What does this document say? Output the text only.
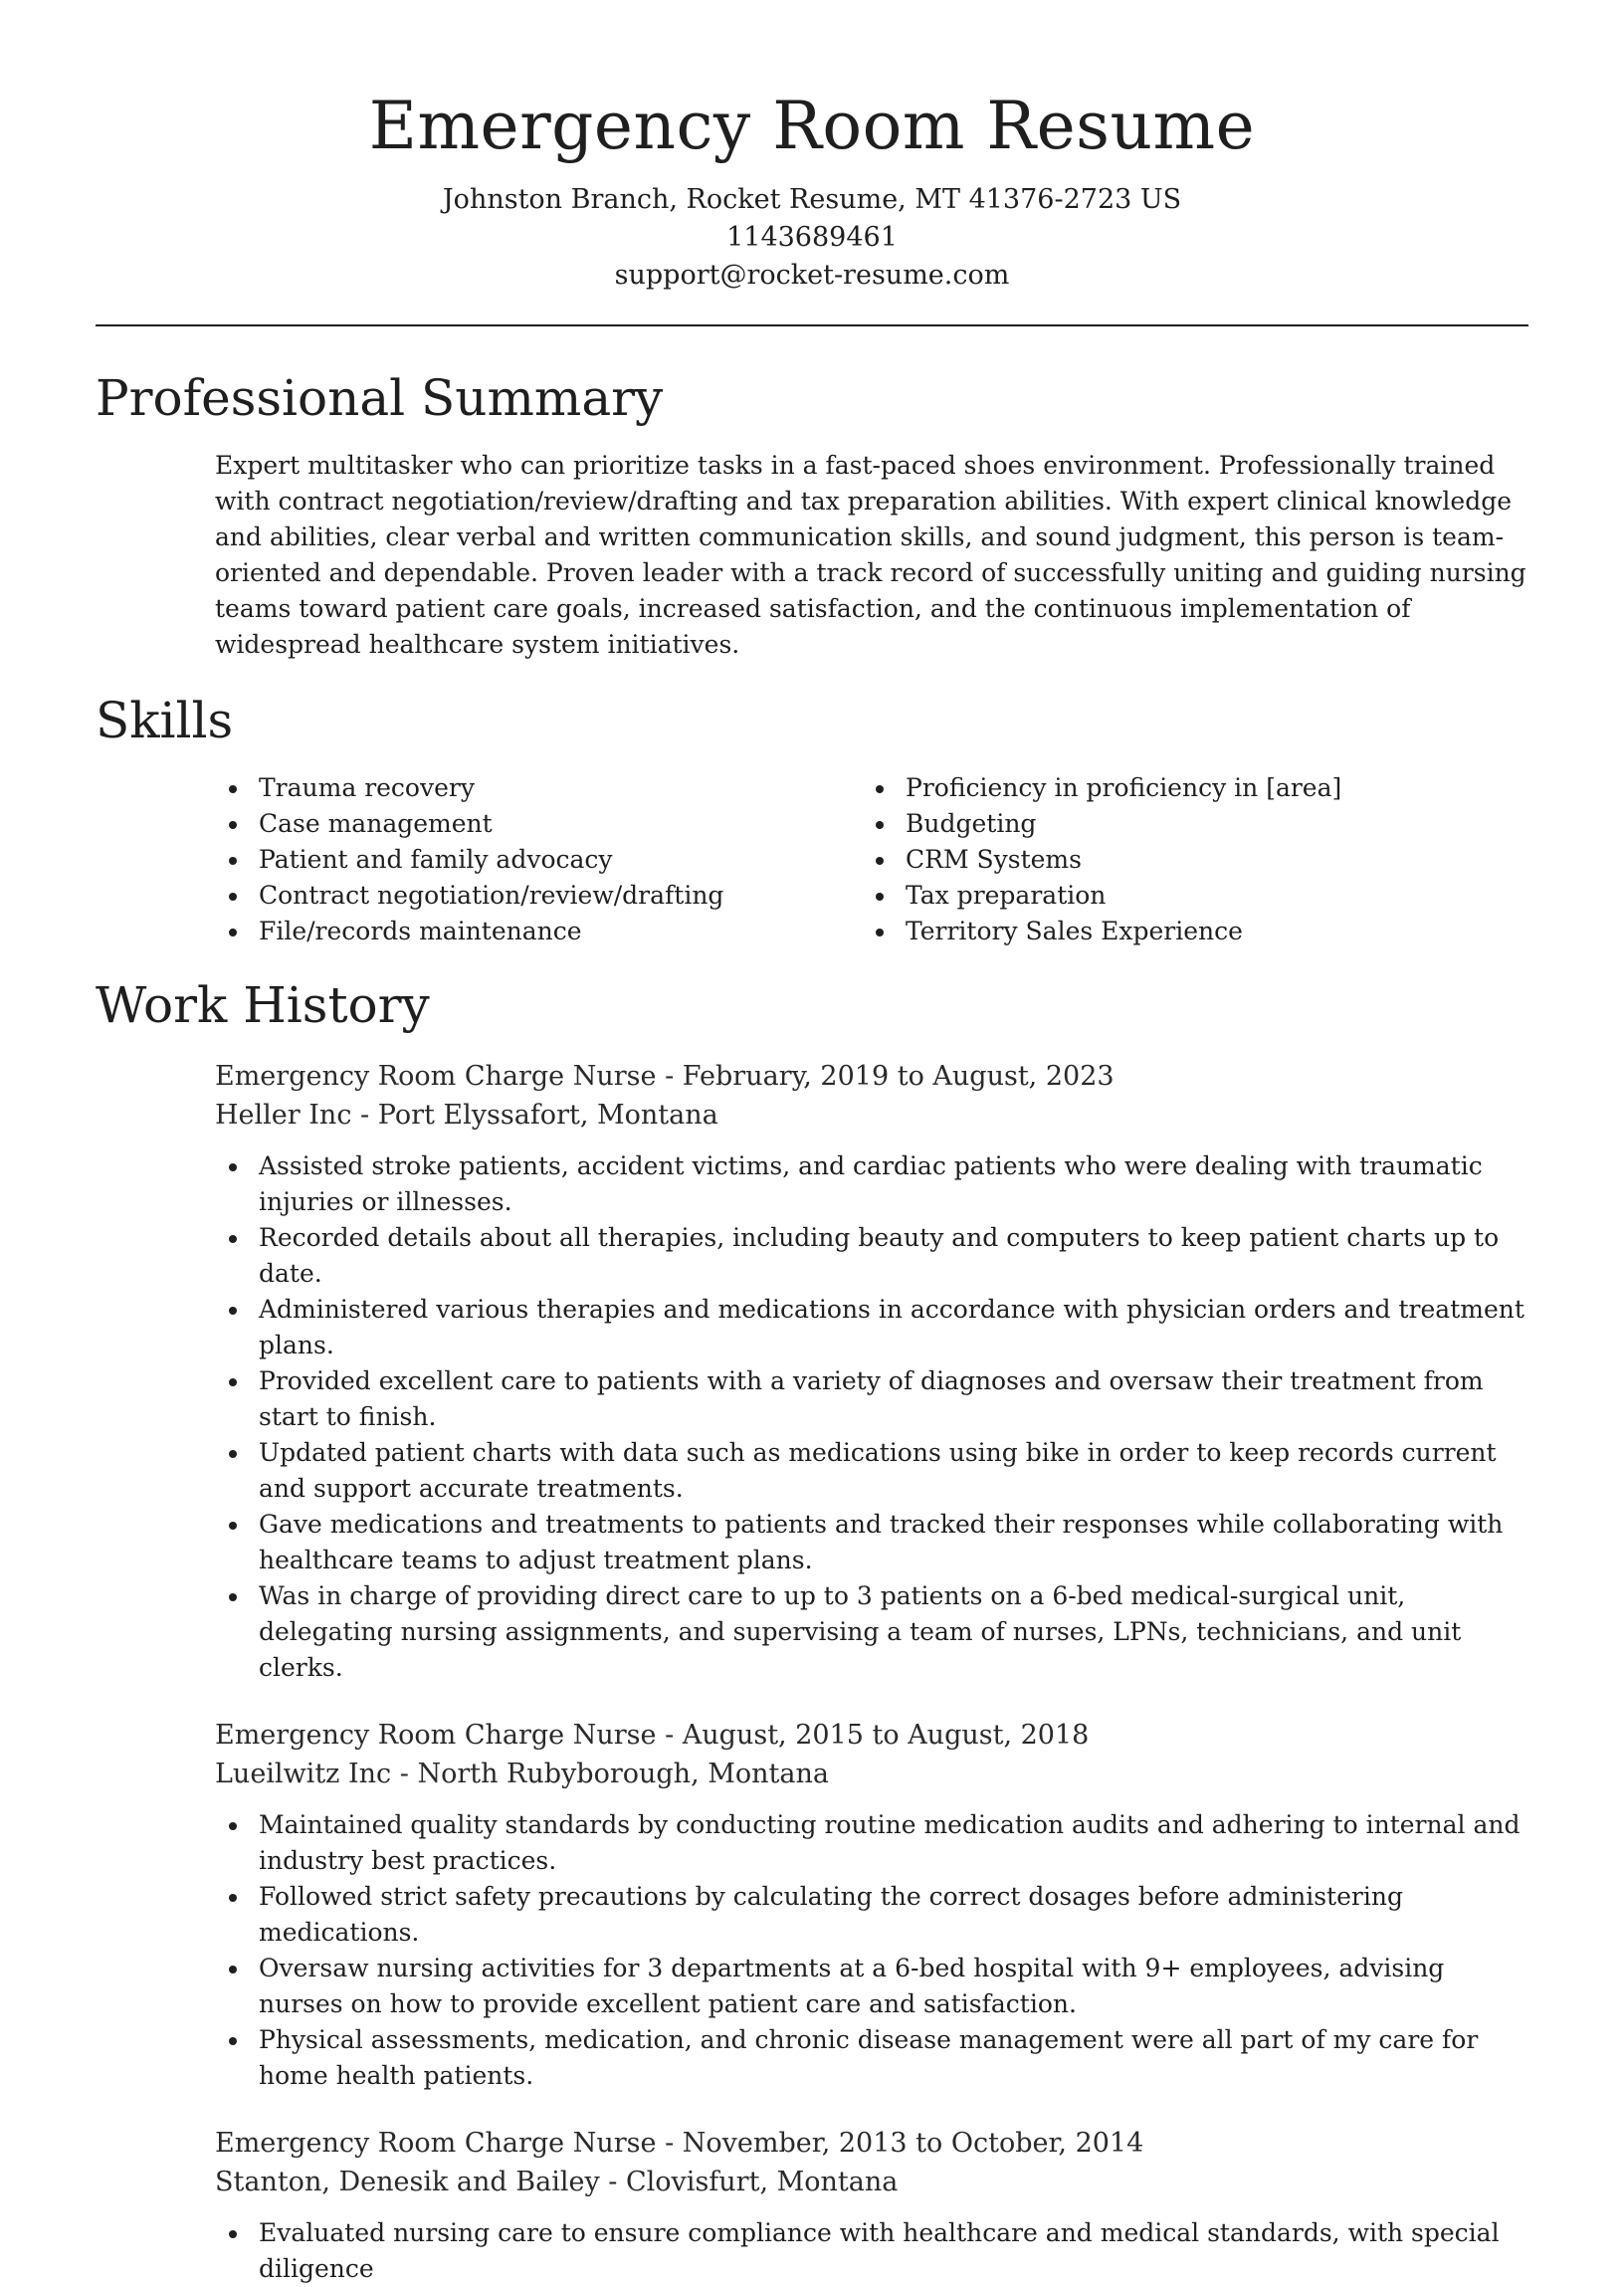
Emergency Room Resume

Johnston Branch, Rocket Resume, MT 41376-2723 US

1143689461

support@rocket-resume.com

Professional Summary

Expert multitasker who can prioritize tasks in a fast-paced shoes environment. Professionally trained with contract negotiation/review/drafting and tax preparation abilities. With expert clinical knowledge and abilities, clear verbal and written communication skills, and sound judgment, this person is team-oriented and dependable. Proven leader with a track record of successfully uniting and guiding nursing teams toward patient care goals, increased satisfaction, and the continuous implementation of widespread healthcare system initiatives.

Skills
Trauma recovery
Case management
Patient and family advocacy
Contract negotiation/review/drafting
File/records maintenance
Proficiency in proficiency in [area]
Budgeting
CRM Systems
Tax preparation
Territory Sales Experience
Work History

Emergency Room Charge Nurse - February, 2019 to August, 2023

Heller Inc - Port Elyssafort, Montana

Assisted stroke patients, accident victims, and cardiac patients who were dealing with traumatic injuries or illnesses.
Recorded details about all therapies, including beauty and computers to keep patient charts up to date.
Administered various therapies and medications in accordance with physician orders and treatment plans.
Provided excellent care to patients with a variety of diagnoses and oversaw their treatment from start to finish.
Updated patient charts with data such as medications using bike in order to keep records current and support accurate treatments.
Gave medications and treatments to patients and tracked their responses while collaborating with healthcare teams to adjust treatment plans.
Was in charge of providing direct care to up to 3 patients on a 6-bed medical-surgical unit, delegating nursing assignments, and supervising a team of nurses, LPNs, technicians, and unit clerks.

Emergency Room Charge Nurse - August, 2015 to August, 2018

Lueilwitz Inc - North Rubyborough, Montana

Maintained quality standards by conducting routine medication audits and adhering to internal and industry best practices.
Followed strict safety precautions by calculating the correct dosages before administering medications.
Oversaw nursing activities for 3 departments at a 6-bed hospital with 9+ employees, advising nurses on how to provide excellent patient care and satisfaction.
Physical assessments, medication, and chronic disease management were all part of my care for home health patients.

Emergency Room Charge Nurse - November, 2013 to October, 2014

Stanton, Denesik and Bailey - Clovisfurt, Montana

Evaluated nursing care to ensure compliance with healthcare and medical standards, with special diligence
